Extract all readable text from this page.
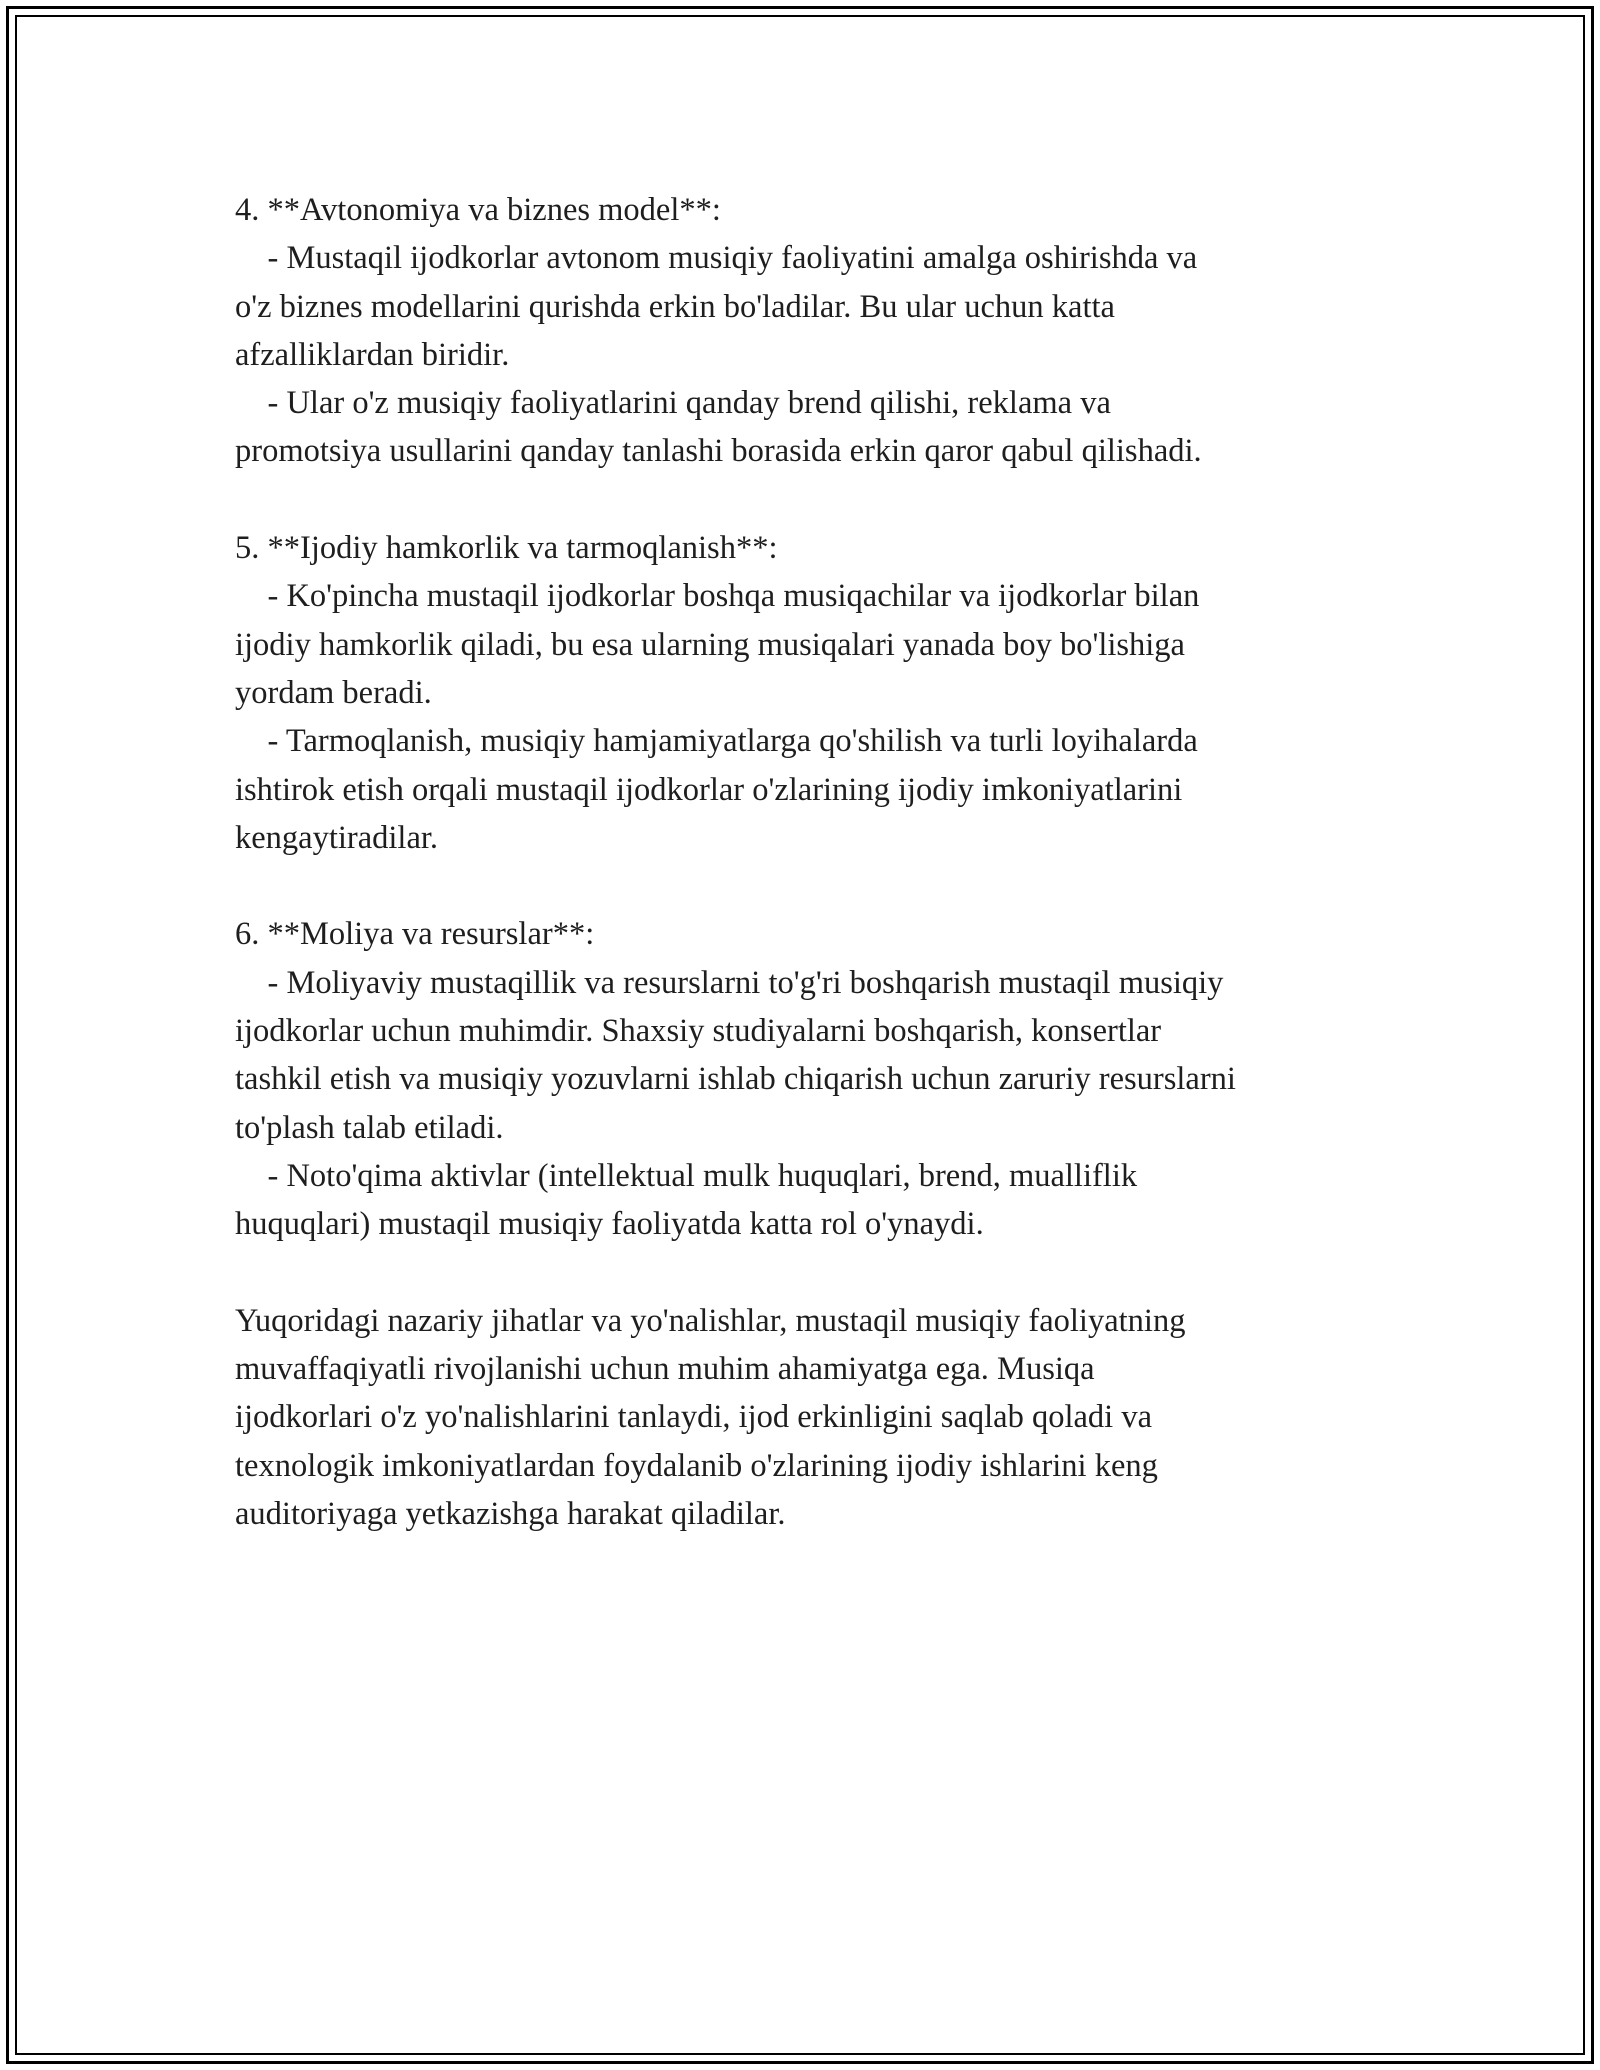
4. **Avtonomiya va biznes model**:
- Mustaqil ijodkorlar avtonom musiqiy faoliyatini amalga oshirishda va
o'z biznes modellarini qurishda erkin bo'ladilar. Bu ular uchun katta
afzalliklardan biridir.
- Ular o'z musiqiy faoliyatlarini qanday brend qilishi, reklama va
promotsiya usullarini qanday tanlashi borasida erkin qaror qabul qilishadi.
5. **Ijodiy hamkorlik va tarmoqlanish**:
- Ko'pincha mustaqil ijodkorlar boshqa musiqachilar va ijodkorlar bilan
ijodiy hamkorlik qiladi, bu esa ularning musiqalari yanada boy bo'lishiga
yordam beradi.
- Tarmoqlanish, musiqiy hamjamiyatlarga qo'shilish va turli loyihalarda
ishtirok etish orqali mustaqil ijodkorlar o'zlarining ijodiy imkoniyatlarini
kengaytiradilar.
6. **Moliya va resurslar**:
- Moliyaviy mustaqillik va resurslarni to'g'ri boshqarish mustaqil musiqiy
ijodkorlar uchun muhimdir. Shaxsiy studiyalarni boshqarish, konsertlar
tashkil etish va musiqiy yozuvlarni ishlab chiqarish uchun zaruriy resurslarni
to'plash talab etiladi.
- Noto'qima aktivlar (intellektual mulk huquqlari, brend, mualliflik
huquqlari) mustaqil musiqiy faoliyatda katta rol o'ynaydi.
Yuqoridagi nazariy jihatlar va yo'nalishlar, mustaqil musiqiy faoliyatning
muvaffaqiyatli rivojlanishi uchun muhim ahamiyatga ega. Musiqa
ijodkorlari o'z yo'nalishlarini tanlaydi, ijod erkinligini saqlab qoladi va
texnologik imkoniyatlardan foydalanib o'zlarining ijodiy ishlarini keng
auditoriyaga yetkazishga harakat qiladilar.
